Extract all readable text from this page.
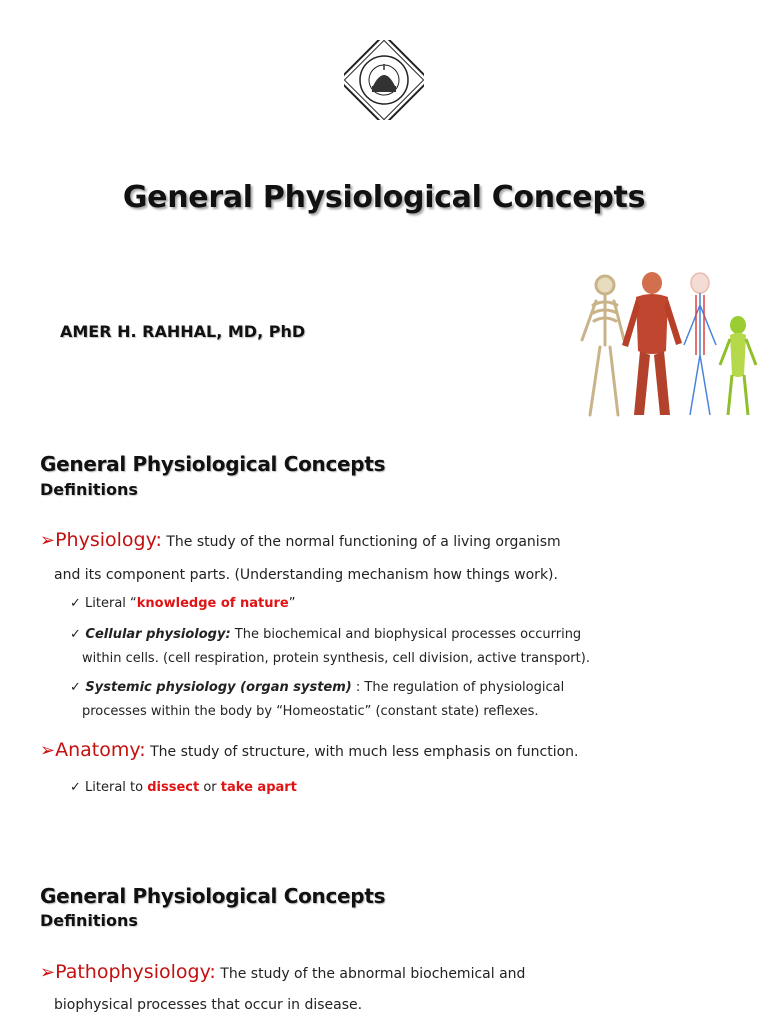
General Physiological Concepts
AMER H. RAHHAL, MD, PhD
General Physiological Concepts
Definitions
➢Physiology: The study of the normal functioning of a living organism
and its component parts. (Understanding mechanism how things work).
✓ Literal “knowledge of nature”
✓ Cellular physiology: The biochemical and biophysical processes occurring
within cells. (cell respiration, protein synthesis, cell division, active transport).
✓ Systemic physiology (organ system) : The regulation of physiological
processes within the body by “Homeostatic” (constant state) reflexes.
➢Anatomy: The study of structure, with much less emphasis on function.
✓ Literal to dissect or take apart
General Physiological Concepts
Definitions
➢Pathophysiology: The study of the abnormal biochemical and
biophysical processes that occur in disease.
